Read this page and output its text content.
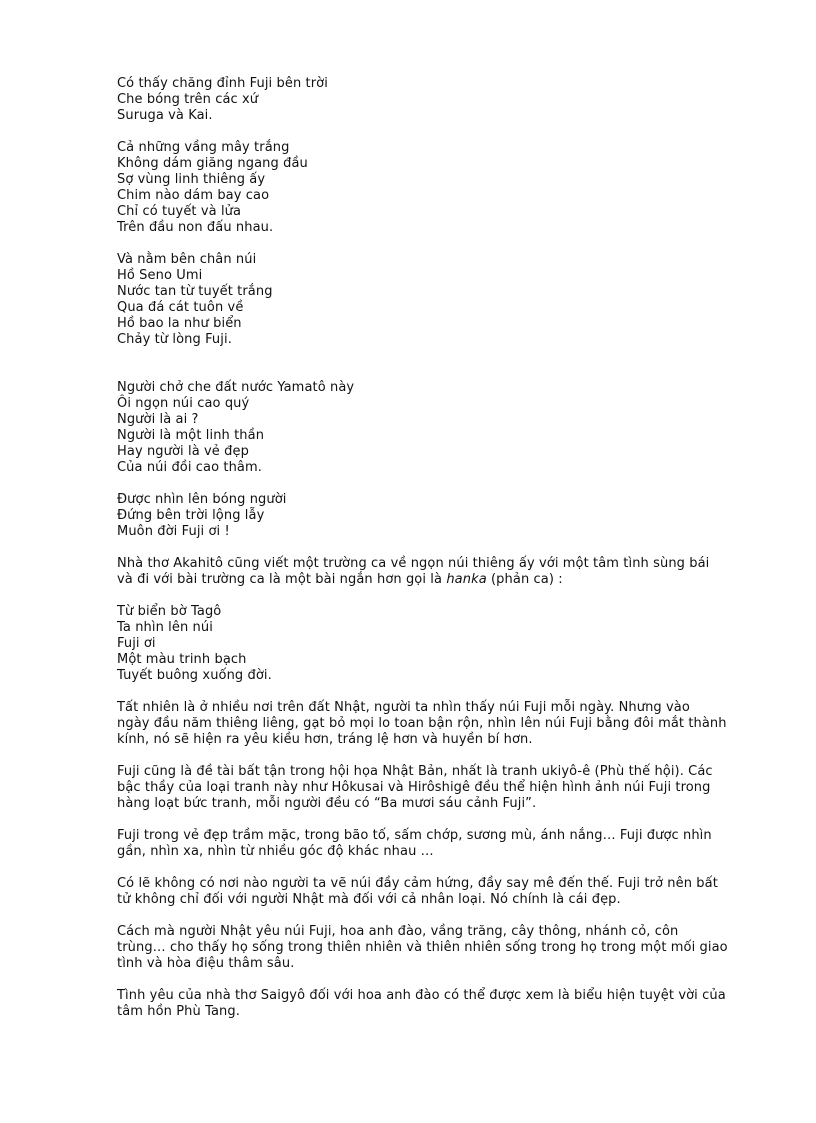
Có thấy chăng đỉnh Fuji bên trời
Che bóng trên các xứ
Suruga và Kai.
Cả những vầng mây trắng
Không dám giăng ngang đầu
Sợ vùng linh thiêng ấy
Chim nào dám bay cao
Chỉ có tuyết và lửa
Trên đầu non đấu nhau.
Và nằm bên chân núi
Hồ Seno Umi
Nước tan từ tuyết trắng
Qua đá cát tuôn về
Hồ bao la như biển
Chảy từ lòng Fuji.
Người chở che đất nước Yamatô này
Ôi ngọn núi cao quý
Người là ai ?
Người là một linh thần
Hay người là vẻ đẹp
Của núi đồi cao thâm.
Được nhìn lên bóng người
Đứng bên trời lộng lẫy
Muôn đời Fuji ơi !
Nhà thơ Akahitô cũng viết một trường ca về ngọn núi thiêng ấy với một tâm tình sùng bái
và đi với bài trường ca là một bài ngắn hơn gọi là hanka (phản ca) :
Từ biển bờ Tagô
Ta nhìn lên núi
Fuji ơi
Một màu trinh bạch
Tuyết buông xuống đời.
Tất nhiên là ở nhiều nơi trên đất Nhật, người ta nhìn thấy núi Fuji mỗi ngày. Nhưng vào
ngày đầu năm thiêng liêng, gạt bỏ mọi lo toan bận rộn, nhìn lên núi Fuji bằng đôi mắt thành
kính, nó sẽ hiện ra yêu kiều hơn, tráng lệ hơn và huyền bí hơn.
Fuji cũng là đề tài bất tận trong hội họa Nhật Bản, nhất là tranh ukiyô-ê (Phù thế hội). Các
bậc thầy của loại tranh này như Hôkusai và Hirôshigê đều thể hiện hình ảnh núi Fuji trong
hàng loạt bức tranh, mỗi người đều có “Ba mươi sáu cảnh Fuji”.
Fuji trong vẻ đẹp trầm mặc, trong bão tố, sấm chớp, sương mù, ánh nắng… Fuji được nhìn
gần, nhìn xa, nhìn từ nhiều góc độ khác nhau …
Có lẽ không có nơi nào người ta vẽ núi đầy cảm hứng, đầy say mê đến thế. Fuji trở nên bất
tử không chỉ đối với người Nhật mà đối với cả nhân loại. Nó chính là cái đẹp.
Cách mà người Nhật yêu núi Fuji, hoa anh đào, vầng trăng, cây thông, nhánh cỏ, côn
trùng… cho thấy họ sống trong thiên nhiên và thiên nhiên sống trong họ trong một mối giao
tình và hòa điệu thâm sâu.
Tình yêu của nhà thơ Saigyô đối với hoa anh đào có thể được xem là biểu hiện tuyệt vời của
tâm hồn Phù Tang.
